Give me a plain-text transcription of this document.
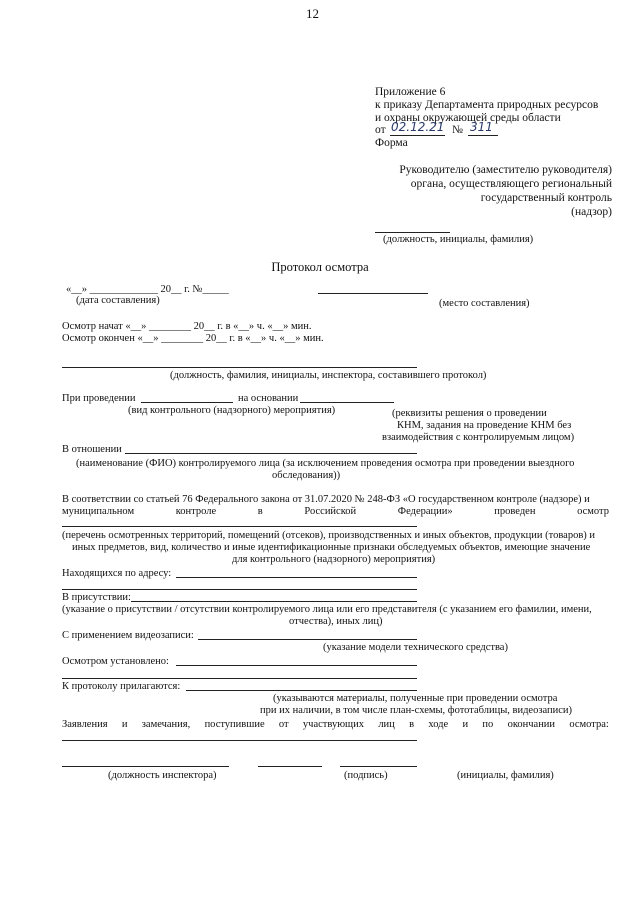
12
Приложение 6
к приказу Департамента природных ресурсов
и охраны окружающей среды области
от 02.12.21 № 311
Форма
Руководителю (заместителю руководителя)
органа, осуществляющего региональный
государственный контроль
(надзор)
(должность, инициалы, фамилия)
Протокол осмотра
«__» _____________ 20__ г. №_____
(дата составления)	(место составления)
Осмотр начат «__» ________ 20__ г. в «__» ч. «__» мин.
Осмотр окончен «__» ________ 20__ г. в «__» ч. «__» мин.
(должность, фамилия, инициалы, инспектора, составившего протокол)
При проведении	на основании
(вид контрольного (надзорного) мероприятия)	(реквизиты решения о проведении
КНМ, задания на проведение КНМ без
взаимодействия с контролируемым лицом)
В отношении
(наименование (ФИО) контролируемого лица (за исключением проведения осмотра при проведении выездного
обследования))
В соответствии со статьей 76 Федерального закона от 31.07.2020 № 248-ФЗ «О государственном контроле (надзоре) и
муниципальном	контроле	в	Российской	Федерации»	проведен	осмотр
(перечень осмотренных территорий, помещений (отсеков), производственных и иных объектов, продукции (товаров) и
иных предметов, вид, количество и иные идентификационные признаки обследуемых объектов, имеющие значение
для контрольного (надзорного) мероприятия)
Находящихся по адресу:
В присутствии:
(указание о присутствии / отсутствии контролируемого лица или его представителя (с указанием его фамилии, имени,
отчества), иных лиц)
С применением видеозаписи:
(указание модели технического средства)
Осмотром установлено:
К протоколу прилагаются:
(указываются материалы, полученные при проведении осмотра
при их наличии, в том числе план-схемы, фототаблицы, видеозаписи)
Заявления и замечания, поступившие от участвующих лиц в ходе и по окончании осмотра:
(должность инспектора)	(подпись)	(инициалы, фамилия)
